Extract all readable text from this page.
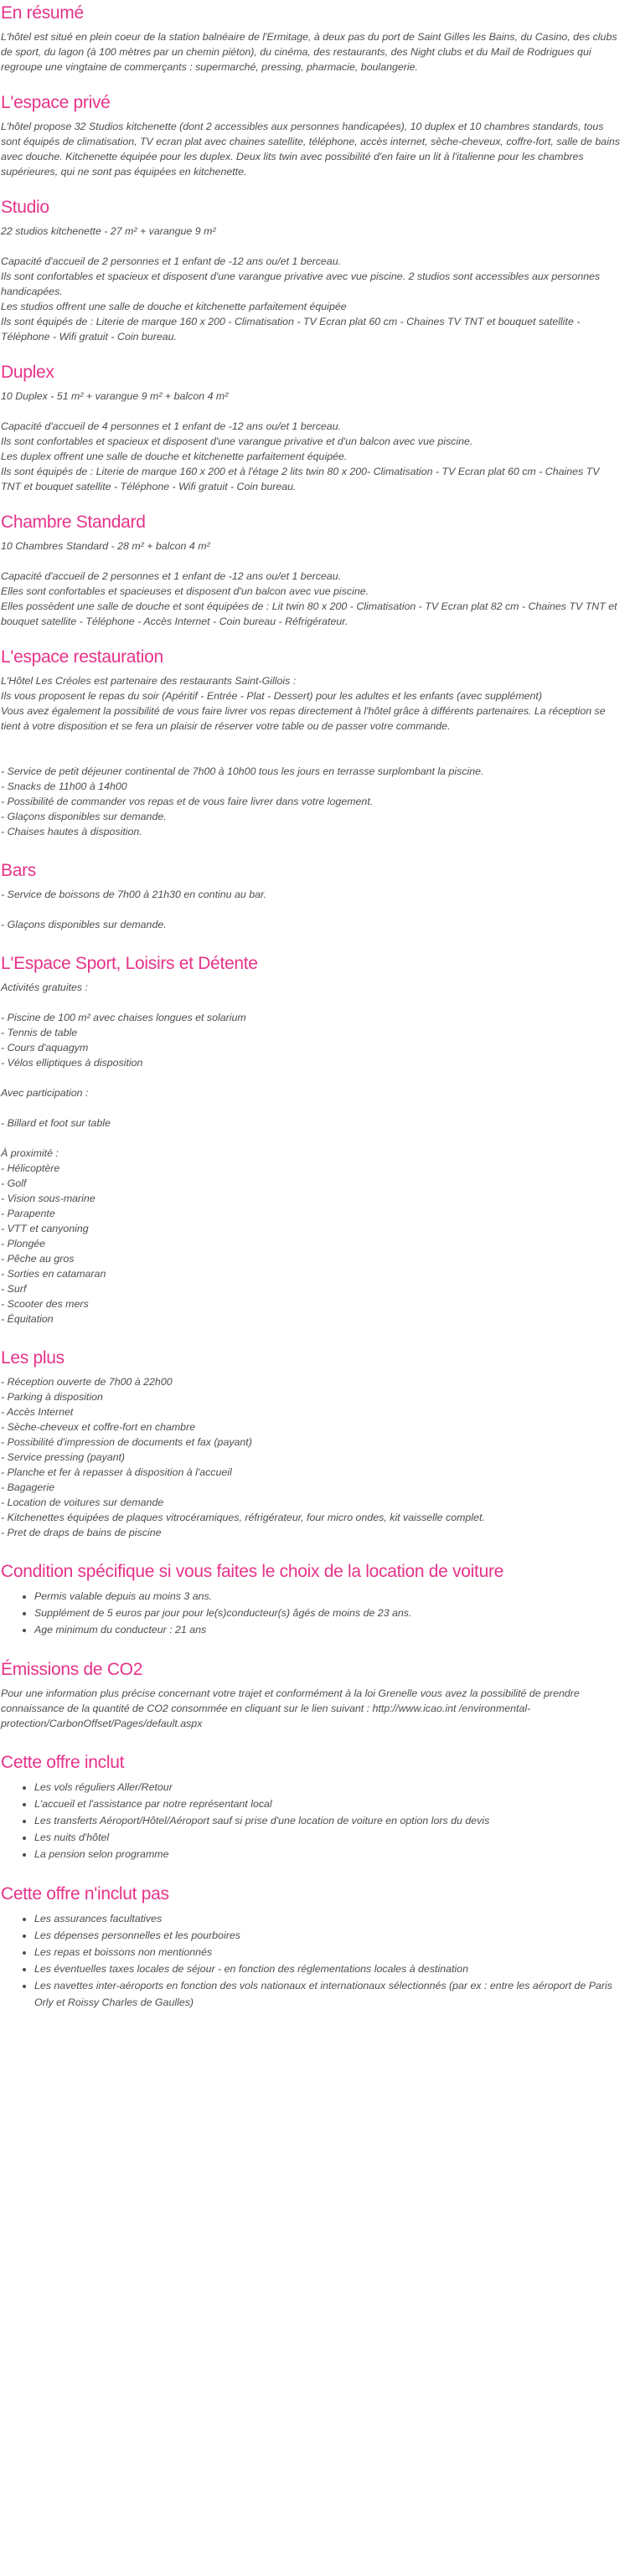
En résumé

L'hôtel est situé en plein coeur de la station balnéaire de l'Ermitage, à deux pas du port de Saint Gilles les Bains, du Casino, des clubs de sport, du lagon (à 100 mètres par un chemin piéton), du cinéma, des restaurants, des Night clubs et du Mail de Rodrigues qui regroupe une vingtaine de commerçants : supermarché, pressing, pharmacie, boulangerie.

L'espace privé

L'hôtel propose 32 Studios kitchenette (dont 2 accessibles aux personnes handicapées), 10 duplex et 10 chambres standards, tous sont équipés de climatisation, TV ecran plat avec chaines satellite, téléphone, accès internet, sèche-cheveux, coffre-fort, salle de bains avec douche. Kitchenette équipée pour les duplex. Deux lits twin avec possibilité d'en faire un lit à l'italienne pour les chambres supérieures, qui ne sont pas équipées en kitchenette.

Studio

22 studios kitchenette - 27 m² + varangue 9 m²

Capacité d'accueil de 2 personnes et 1 enfant de -12 ans ou/et 1 berceau.

Ils sont confortables et spacieux et disposent d'une varangue privative avec vue piscine. 2 studios sont accessibles aux personnes handicapées.

Les studios offrent une salle de douche et kitchenette parfaitement équipée

Ils sont équipés de : Literie de marque 160 x 200 - Climatisation - TV Ecran plat 60 cm - Chaines TV TNT et bouquet satellite - Téléphone - Wifi gratuit - Coin bureau.

Duplex

10 Duplex - 51 m² + varangue 9 m² + balcon 4 m²

Capacité d'accueil de 4 personnes et 1 enfant de -12 ans ou/et 1 berceau.

Ils sont confortables et spacieux et disposent d'une varangue privative et d'un balcon avec vue piscine.

Les duplex offrent une salle de douche et kitchenette parfaitement équipée.

Ils sont équipés de : Literie de marque 160 x 200 et à l'étage 2 lits twin 80 x 200- Climatisation - TV Ecran plat 60 cm - Chaines TV TNT et bouquet satellite - Téléphone - Wifi gratuit - Coin bureau.

Chambre Standard

10 Chambres Standard - 28 m² + balcon 4 m²

Capacité d'accueil de 2 personnes et 1 enfant de -12 ans ou/et 1 berceau.

Elles sont confortables et spacieuses et disposent d'un balcon avec vue piscine.

Elles possèdent une salle de douche et sont équipées de : Lit twin 80 x 200 - Climatisation - TV Ecran plat 82 cm - Chaines TV TNT et bouquet satellite - Téléphone - Accès Internet - Coin bureau - Réfrigérateur.

L'espace restauration

L'Hôtel Les Créoles est partenaire des restaurants Saint-Gillois :
Ils vous proposent le repas du soir (Apéritif - Entrée - Plat - Dessert) pour les adultes et les enfants (avec supplément)
Vous avez également la possibilité de vous faire livrer vos repas directement à l'hôtel grâce à différents partenaires. La réception se tient à votre disposition et se fera un plaisir de réserver votre table ou de passer votre commande.

- Service de petit déjeuner continental de 7h00 à 10h00 tous les jours en terrasse surplombant la piscine.

- Snacks de 11h00 à 14h00

- Possibilité de commander vos repas et de vous faire livrer dans votre logement.

- Glaçons disponibles sur demande.

- Chaises hautes à disposition.

Bars

- Service de boissons de 7h00 à 21h30 en continu au bar.

- Glaçons disponibles sur demande.

L'Espace Sport, Loisirs et Détente

Activités gratuites :

- Piscine de 100 m² avec chaises longues et solarium

- Tennis de table

- Cours d'aquagym

- Vélos elliptiques à disposition

Avec participation :

- Billard et foot sur table

À proximité :

- Hélicoptère

- Golf

- Vision sous-marine

- Parapente

- VTT et canyoning

- Plongée

- Pêche au gros

- Sorties en catamaran

- Surf

- Scooter des mers

- Équitation

Les plus

- Réception ouverte de 7h00 à 22h00

- Parking à disposition

- Accès Internet

- Sèche-cheveux et coffre-fort en chambre

- Possibilité d'impression de documents et fax (payant)

- Service pressing (payant)

- Planche et fer à repasser à disposition à l'accueil

- Bagagerie

- Location de voitures sur demande

- Kitchenettes équipées de plaques vitrocéramiques, réfrigérateur, four micro ondes, kit vaisselle complet.

- Pret de draps de bains de piscine

Condition spécifique si vous faites le choix de la location de voiture
• Permis valable depuis au moins 3 ans.
• Supplément de 5 euros par jour pour le(s)conducteur(s) âgés de moins de 23 ans.
• Age minimum du conducteur : 21 ans
Émissions de CO2

Pour une information plus précise concernant votre trajet et conformément à la loi Grenelle vous avez la possibilité de prendre connaissance de la quantité de CO2 consommée en cliquant sur le lien suivant : http://www.icao.int /environmental-protection/CarbonOffset/Pages/default.aspx

Cette offre inclut
• Les vols réguliers Aller/Retour
• L'accueil et l'assistance par notre représentant local
• Les transferts Aéroport/Hôtel/Aéroport sauf si prise d'une location de voiture en option lors du devis
• Les nuits d'hôtel
• La pension selon programme
Cette offre n'inclut pas
• Les assurances facultatives
• Les dépenses personnelles et les pourboires
• Les repas et boissons non mentionnés
• Les éventuelles taxes locales de séjour - en fonction des réglementations locales à destination
• Les navettes inter-aéroports en fonction des vols nationaux et internationaux sélectionnés (par ex : entre les aéroport de Paris Orly et Roissy Charles de Gaulles)
